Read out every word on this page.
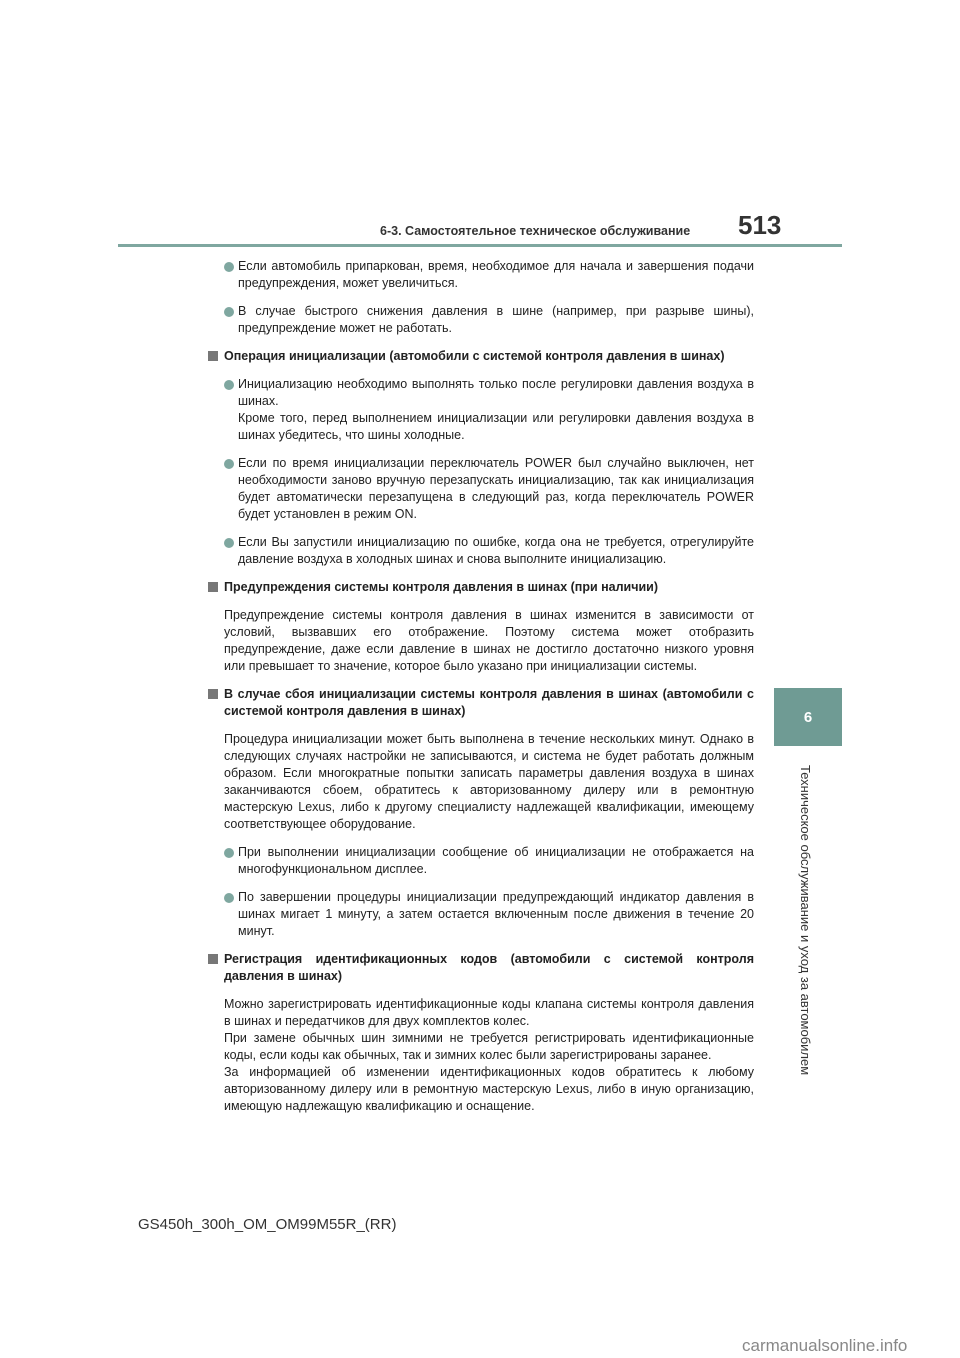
6-3. Самостоятельное техническое обслуживание 513
6
Техническое обслуживание и уход за автомобилем
Если автомобиль припаркован, время, необходимое для начала и завершения подачи предупреждения, может увеличиться.
В случае быстрого снижения давления в шине (например, при разрыве шины), предупреждение может не работать.
Операция инициализации (автомобили с системой контроля давления в шинах)
Инициализацию необходимо выполнять только после регулировки давления воздуха в шинах.
Кроме того, перед выполнением инициализации или регулировки давления воздуха в шинах убедитесь, что шины холодные.
Если по время инициализации переключатель POWER был случайно выключен, нет необходимости заново вручную перезапускать инициализацию, так как инициализация будет автоматически перезапущена в следующий раз, когда переключатель POWER будет установлен в режим ON.
Если Вы запустили инициализацию по ошибке, когда она не требуется, отрегулируйте давление воздуха в холодных шинах и снова выполните инициализацию.
Предупреждения системы контроля давления в шинах (при наличии)
Предупреждение системы контроля давления в шинах изменится в зависимости от условий, вызвавших его отображение. Поэтому система может отобразить предупреждение, даже если давление в шинах не достигло достаточно низкого уровня или превышает то значение, которое было указано при инициализации системы.
В случае сбоя инициализации системы контроля давления в шинах (автомобили с системой контроля давления в шинах)
Процедура инициализации может быть выполнена в течение нескольких минут. Однако в следующих случаях настройки не записываются, и система не будет работать должным образом. Если многократные попытки записать параметры давления воздуха в шинах заканчиваются сбоем, обратитесь к авторизованному дилеру или в ремонтную мастерскую Lexus, либо к другому специалисту надлежащей квалификации, имеющему соответствующее оборудование.
При выполнении инициализации сообщение об инициализации не отображается на многофункциональном дисплее.
По завершении процедуры инициализации предупреждающий индикатор давления в шинах мигает 1 минуту, а затем остается включенным после движения в течение 20 минут.
Регистрация идентификационных кодов (автомобили с системой контроля давления в шинах)
Можно зарегистрировать идентификационные коды клапана системы контроля давления в шинах и передатчиков для двух комплектов колес.
При замене обычных шин зимними не требуется регистрировать идентификационные коды, если коды как обычных, так и зимних колес были зарегистрированы заранее.
За информацией об изменении идентификационных кодов обратитесь к любому авторизованному дилеру или в ремонтную мастерскую Lexus, либо в иную организацию, имеющую надлежащую квалификацию и оснащение.
GS450h_300h_OM_OM99M55R_(RR)
carmanualsonline.info
